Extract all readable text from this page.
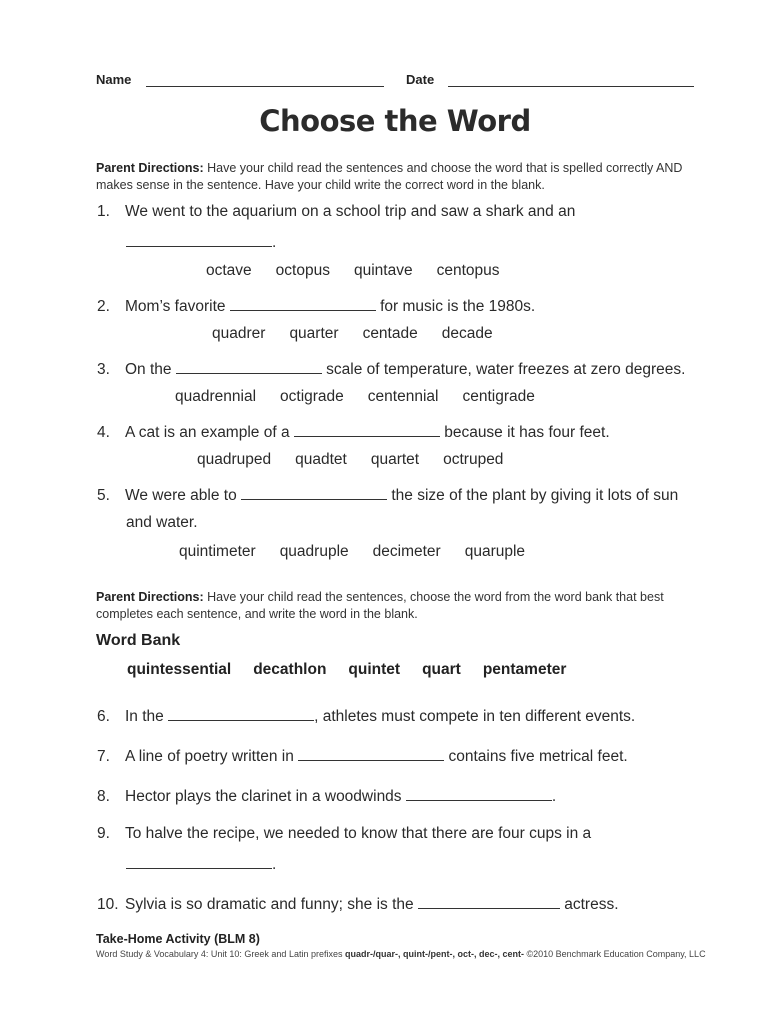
Name	Date
Choose the Word
Parent Directions: Have your child read the sentences and choose the word that is spelled correctly AND makes sense in the sentence. Have your child write the correct word in the blank.
1. We went to the aquarium on a school trip and saw a shark and an
.
octave octopus quintave centopus
2. Mom’s favorite	for music is the 1980s.
quadrer quarter centade decade
3. On the	scale of temperature, water freezes at zero degrees.
quadrennial octigrade centennial centigrade
4. A cat is an example of a	because it has four feet.
quadruped quadtet quartet octruped
5. We were able to	the size of the plant by giving it lots of sun
and water.
quintimeter quadruple decimeter quaruple
Parent Directions: Have your child read the sentences, choose the word from the word bank that best completes each sentence, and write the word in the blank.
Word Bank
quintessential decathlon quintet quart pentameter
6. In the	, athletes must compete in ten different events.
7. A line of poetry written in	contains five metrical feet.
8. Hector plays the clarinet in a woodwinds	.
9. To halve the recipe, we needed to know that there are four cups in a
.
10. Sylvia is so dramatic and funny; she is the	actress.
Take-Home Activity (BLM 8)
Word Study & Vocabulary 4: Unit 10: Greek and Latin prefixes quadr-/quar-, quint-/pent-, oct-, dec-, cent- ©2010 Benchmark Education Company, LLC
